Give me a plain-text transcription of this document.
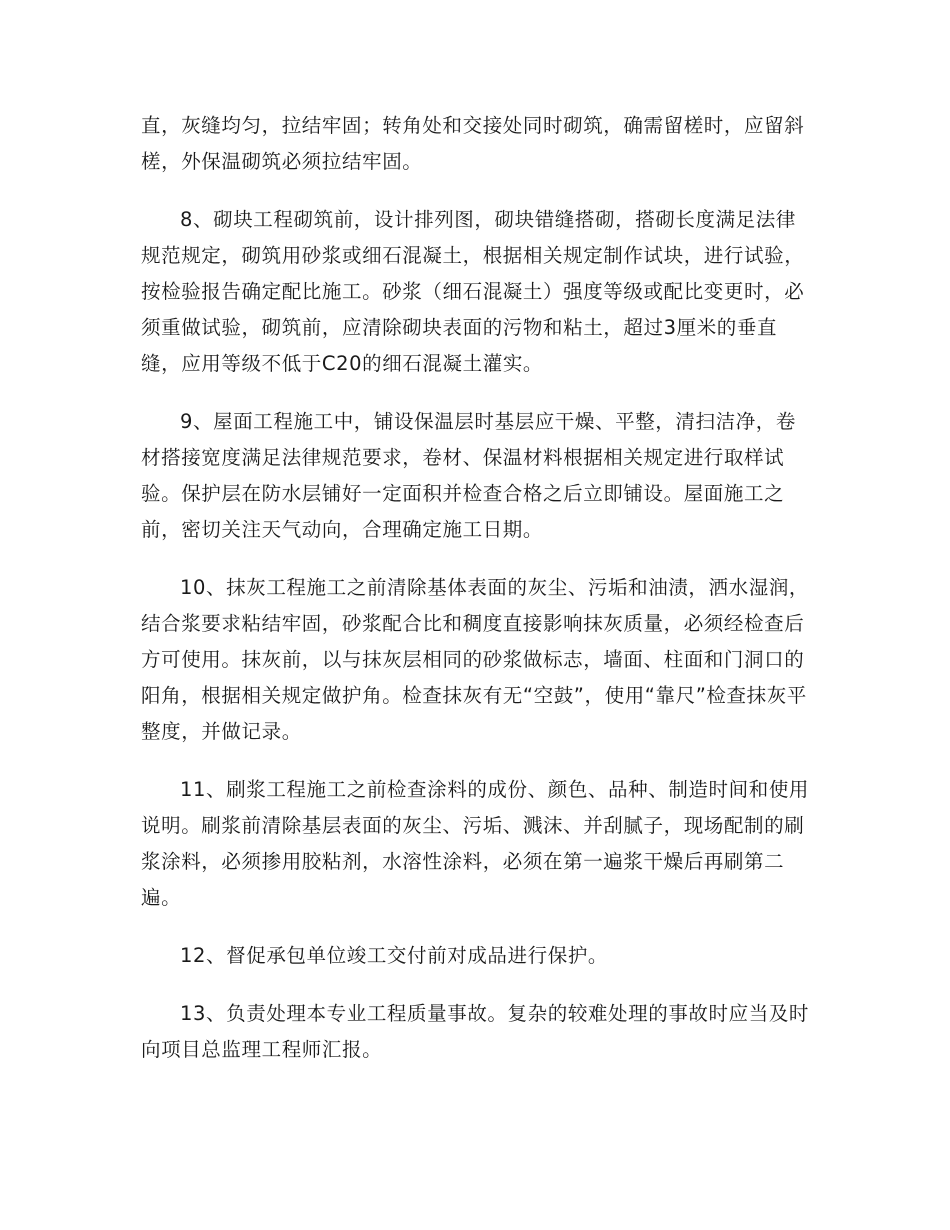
直，灰缝均匀，拉结牢固；转角处和交接处同时砌筑，确需留槎时，应留斜槎，外保温砌筑必须拉结牢固。

8、砌块工程砌筑前，设计排列图，砌块错缝搭砌，搭砌长度满足法律规范规定，砌筑用砂浆或细石混凝土，根据相关规定制作试块，进行试验，按检验报告确定配比施工。砂浆（细石混凝土）强度等级或配比变更时，必须重做试验，砌筑前，应清除砌块表面的污物和粘土，超过3厘米的垂直缝，应用等级不低于C20的细石混凝土灌实。

9、屋面工程施工中，铺设保温层时基层应干燥、平整，清扫洁净，卷材搭接宽度满足法律规范要求，卷材、保温材料根据相关规定进行取样试验。保护层在防水层铺好一定面积并检查合格之后立即铺设。屋面施工之前，密切关注天气动向，合理确定施工日期。

10、抹灰工程施工之前清除基体表面的灰尘、污垢和油渍，洒水湿润，结合浆要求粘结牢固，砂浆配合比和稠度直接影响抹灰质量，必须经检查后方可使用。抹灰前，以与抹灰层相同的砂浆做标志，墙面、柱面和门洞口的阳角，根据相关规定做护角。检查抹灰有无“空鼓”，使用“靠尺”检查抹灰平整度，并做记录。

11、刷浆工程施工之前检查涂料的成份、颜色、品种、制造时间和使用说明。刷浆前清除基层表面的灰尘、污垢、溅沫、并刮腻子，现场配制的刷浆涂料，必须掺用胶粘剂，水溶性涂料，必须在第一遍浆干燥后再刷第二遍。

12、督促承包单位竣工交付前对成品进行保护。

13、负责处理本专业工程质量事故。复杂的较难处理的事故时应当及时向项目总监理工程师汇报。
